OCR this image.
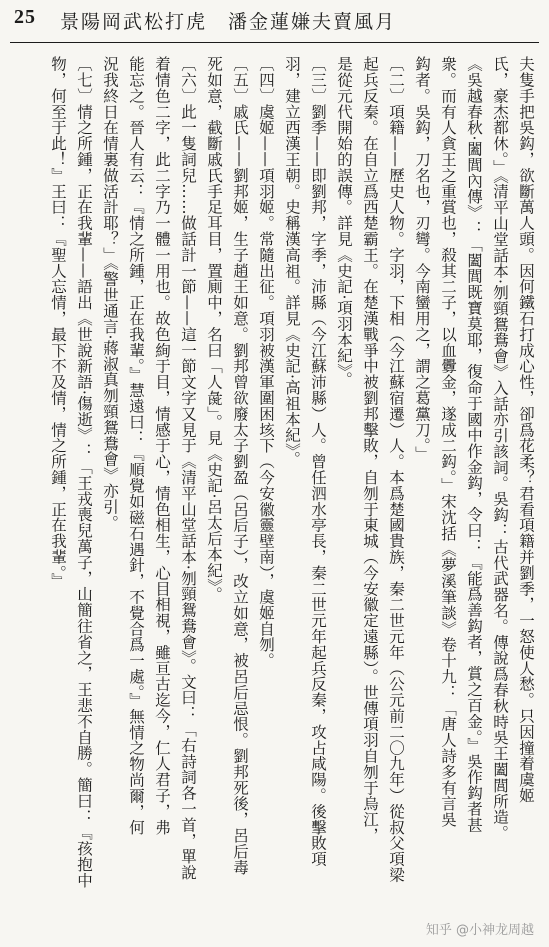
25 景陽岡武松打虎　潘金蓮嫌夫賣風月

夫隻手把吳鈎，欲斷萬人頭。因何鐵石打成心性，卻爲花柔？君看項籍并劉季，一怒使人愁。只因撞着虞姬

氏，豪杰都休。」《清平山堂話本·刎頸鴛鴦會》入話亦引該詞。吳鈎：古代武器名。傳說爲春秋時吳王闔閭所造。

《吳越春秋·闔閭內傳》：「闔閭既寶莫耶，復命于國中作金鈎，令曰：『能爲善鈎者，賞之百金。』吳作鈎者甚

衆。而有人貪王之重賞也，殺其二子，以血釁金，遂成二鈎。」宋沈括《夢溪筆談》卷十九：「唐人詩多有言吳

鈎者。吳鈎，刀名也，刃彎。今南蠻用之，謂之葛黨刀。」

〔二〕項籍——歷史人物。字羽，下相（今江蘇宿遷）人。本爲楚國貴族，秦二世元年（公元前二〇九年）從叔父項梁

起兵反秦。在自立爲西楚霸王。在楚漢戰爭中被劉邦擊敗，自刎于東城（今安徽定遠縣）。世傳項羽自刎于烏江，

是從元代開始的誤傳。詳見《史記·項羽本紀》。

〔三〕劉季——即劉邦，字季，沛縣（今江蘇沛縣）人。曾任泗水亭長，秦二世元年起兵反秦，攻占咸陽。後擊敗項

羽，建立西漢王朝。史稱漢高祖。詳見《史記·高祖本紀》。

〔四〕虞姬——項羽姬。常隨出征。項羽被漢軍圍困垓下（今安徽靈壁南），虞姬自刎。

〔五〕戚氏——劉邦姬，生子趙王如意。劉邦曾欲廢太子劉盈（呂后子），改立如意，被呂后忌恨。劉邦死後，呂后毒

死如意，截斷戚氏手足耳目，置廁中，名曰「人彘」。見《史記·呂太后本紀》。

〔六〕此一隻詞兒……做話計一節——這一節文字又見于《清平山堂話本·刎頸鴛鴦會》。文曰：「右詩詞各一首，單說

着情色二字，此二字乃一體一用也。故色絢于目，情感于心，情色相生，心目相視，雖亘古迄今，仁人君子，弗

能忘之。晉人有云：『情之所鍾，正在我輩。』慧遠曰：『順覺如磁石遇針，不覺合爲一處。』無情之物尚爾，何

況我終日在情裏做活計耶？」《警世通言·蔣淑真刎頸鴛鴦會》亦引。

〔七〕情之所鍾，正在我輩——語出《世說新語·傷逝》：「王戎喪兒萬子，山簡往省之，王悲不自勝。簡曰：『孩抱中

物，何至于此！』王曰：『聖人忘情，最下不及情，情之所鍾，正在我輩。』

知乎 @小神龙周越
